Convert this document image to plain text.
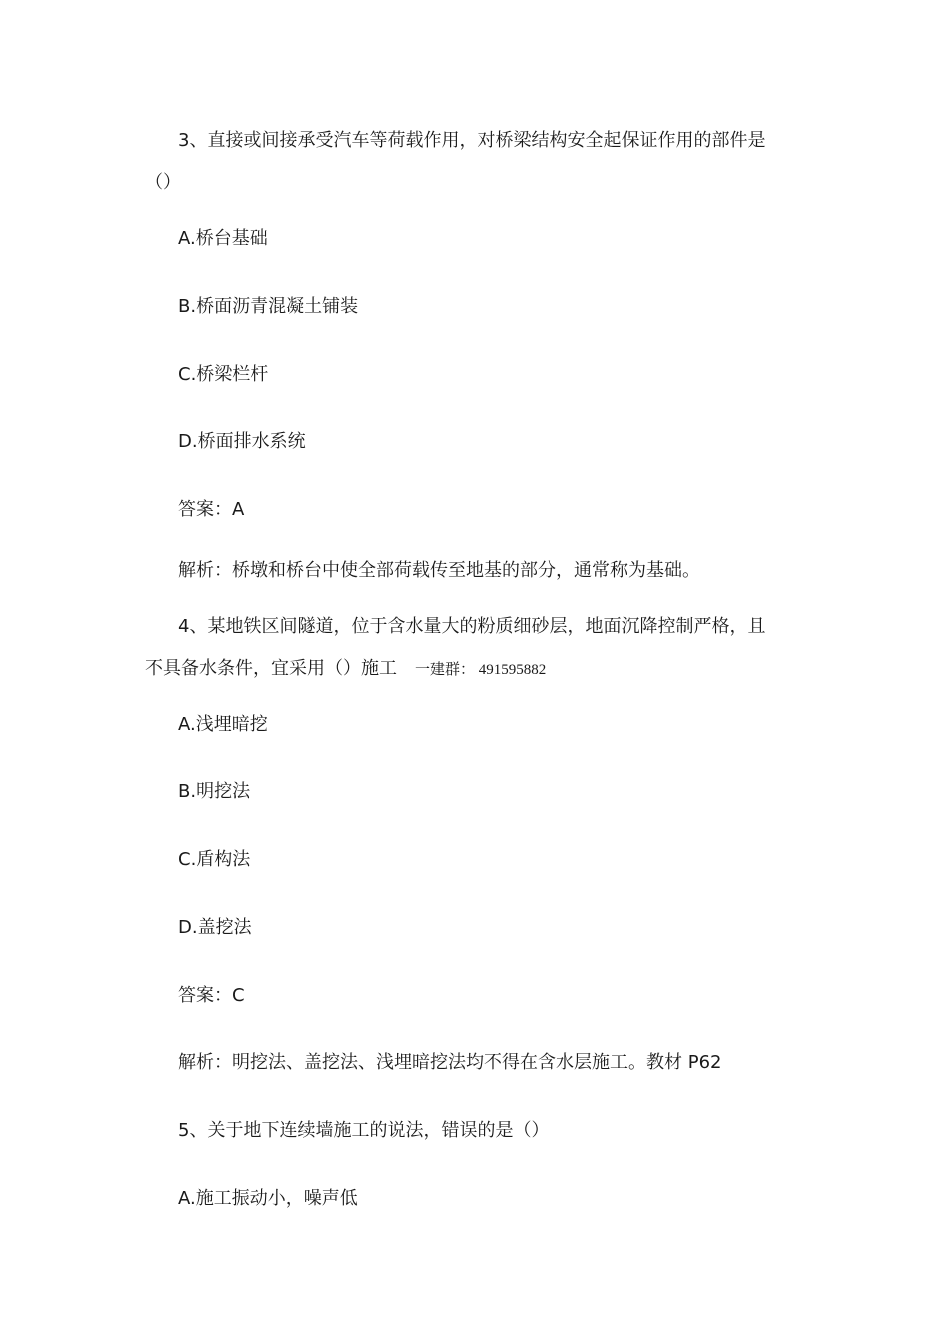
3、直接或间接承受汽车等荷载作用，对桥梁结构安全起保证作用的部件是
（）
A.桥台基础
B.桥面沥青混凝土铺装
C.桥梁栏杆
D.桥面排水系统
答案：A
解析：桥墩和桥台中使全部荷载传至地基的部分，通常称为基础。
4、某地铁区间隧道，位于含水量大的粉质细砂层，地面沉降控制严格，且
不具备水条件，宜采用（）施工 一建群： 491595882
A.浅埋暗挖
B.明挖法
C.盾构法
D.盖挖法
答案：C
解析：明挖法、盖挖法、浅埋暗挖法均不得在含水层施工。教材 P62
5、关于地下连续墙施工的说法，错误的是（）
A.施工振动小，噪声低
